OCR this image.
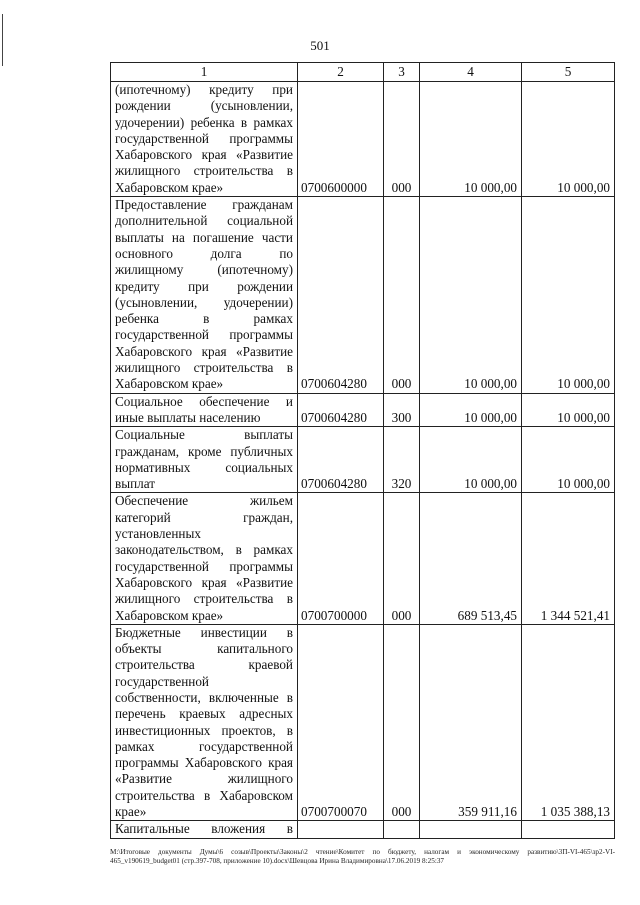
501
1	2	3	4	5
(ипотечному) кредиту при рождении (усыновлении, удочерении) ребенка в рамках государственной программы Хабаровского края «Развитие жилищного строительства в Хабаровском крае»	0700600000	000	10 000,00	10 000,00
Предоставление гражданам дополнительной социальной выплаты на погашение части основного долга по жилищному (ипотечному) кредиту при рождении (усыновлении, удочерении) ребенка в рамках государственной программы Хабаровского края «Развитие жилищного строительства в Хабаровском крае»	0700604280	000	10 000,00	10 000,00
Социальное обеспечение и иные выплаты населению	0700604280	300	10 000,00	10 000,00
Социальные выплаты гражданам, кроме публичных нормативных социальных выплат	0700604280	320	10 000,00	10 000,00
Обеспечение жильем категорий граждан, установленных законодательством, в рамках государственной программы Хабаровского края «Развитие жилищного строительства в Хабаровском крае»	0700700000	000	689 513,45	1 344 521,41
Бюджетные инвестиции в объекты капитального строительства краевой государственной собственности, включенные в перечень краевых адресных инвестиционных проектов, в рамках государственной программы Хабаровского края «Развитие жилищного строительства в Хабаровском крае»	0700700070	000	359 911,16	1 035 388,13
Капитальные вложения в				
M:\Итоговые документы Думы\6 созыв\Проекты\Законы\2 чтение\Комитет по бюджету, налогам и экономическому развитию\3П-VI-465\зр2-VI-465_v190619_budget01 (стр.397-708, приложение 10).docx\Шевцова Ирина Владимировна\17.06.2019 8:25:37
